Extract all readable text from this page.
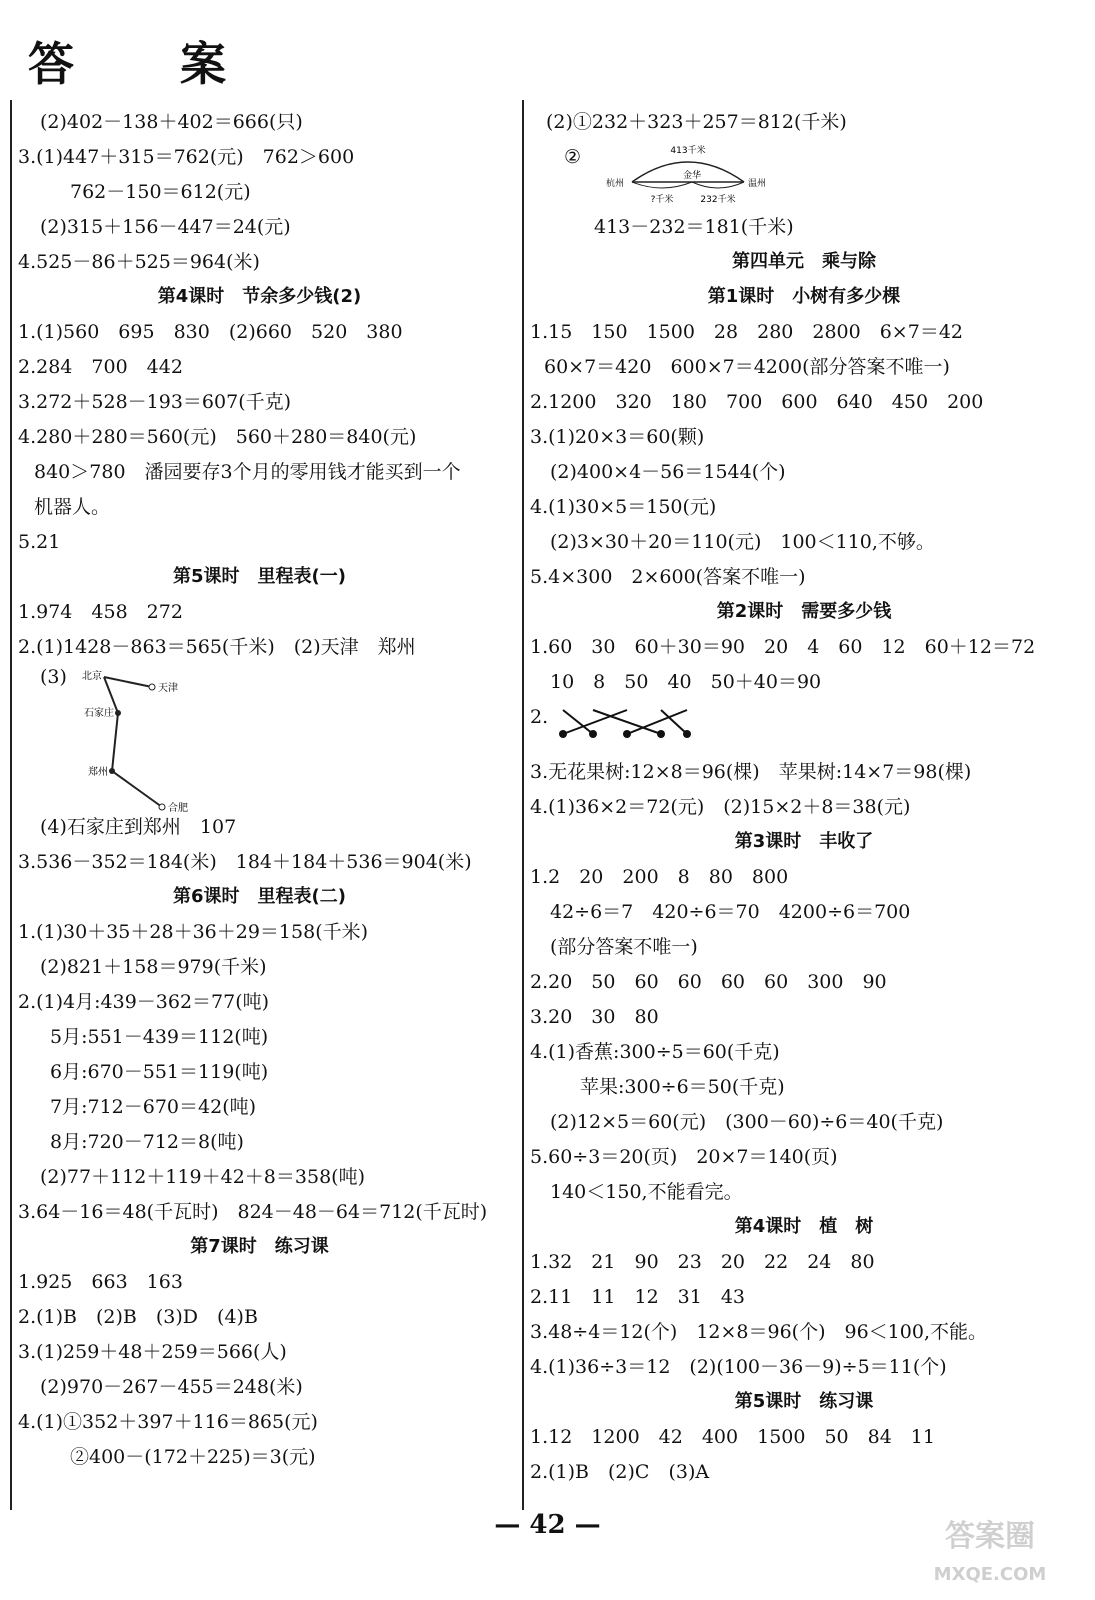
答　案
(2)402－138＋402＝666(只)
3.(1)447＋315＝762(元)　762＞600
762－150＝612(元)
(2)315＋156－447＝24(元)
4.525－86＋525＝964(米)
第4课时　节余多少钱(2)
1.(1)560　695　830　(2)660　520　380
2.284　700　442
3.272＋528－193＝607(千克)
4.280＋280＝560(元)　560＋280＝840(元)
840＞780　潘园要存3个月的零用钱才能买到一个
机器人。
5.21
第5课时　里程表(一)
1.974　458　272
2.(1)1428－863＝565(千米)　(2)天津　郑州
(3)
(4)石家庄到郑州　107
3.536－352＝184(米)　184＋184＋536＝904(米)
第6课时　里程表(二)
1.(1)30＋35＋28＋36＋29＝158(千米)
(2)821＋158＝979(千米)
2.(1)4月:439－362＝77(吨)
5月:551－439＝112(吨)
6月:670－551＝119(吨)
7月:712－670＝42(吨)
8月:720－712＝8(吨)
(2)77＋112＋119＋42＋8＝358(吨)
3.64－16＝48(千瓦时)　824－48－64＝712(千瓦时)
第7课时　练习课
1.925　663　163
2.(1)B　(2)B　(3)D　(4)B
3.(1)259＋48＋259＝566(人)
(2)970－267－455＝248(米)
4.(1)①352＋397＋116＝865(元)
②400－(172＋225)＝3(元)
(2)①232＋323＋257＝812(千米)
②
413－232＝181(千米)
第四单元　乘与除
第1课时　小树有多少棵
1.15　150　1500　28　280　2800　6×7＝42
60×7＝420　600×7＝4200(部分答案不唯一)
2.1200　320　180　700　600　640　450　200
3.(1)20×3＝60(颗)
(2)400×4－56＝1544(个)
4.(1)30×5＝150(元)
(2)3×30＋20＝110(元)　100＜110,不够。
5.4×300　2×600(答案不唯一)
第2课时　需要多少钱
1.60　30　60＋30＝90　20　4　60　12　60＋12＝72
10　8　50　40　50＋40＝90
2.
3.无花果树:12×8＝96(棵)　苹果树:14×7＝98(棵)
4.(1)36×2＝72(元)　(2)15×2＋8＝38(元)
第3课时　丰收了
1.2　20　200　8　80　800
42÷6＝7　420÷6＝70　4200÷6＝700
(部分答案不唯一)
2.20　50　60　60　60　60　300　90
3.20　30　80
4.(1)香蕉:300÷5＝60(千克)
苹果:300÷6＝50(千克)
(2)12×5＝60(元)　(300－60)÷6＝40(千克)
5.60÷3＝20(页)　20×7＝140(页)
140＜150,不能看完。
第4课时　植　树
1.32　21　90　23　20　22　24　80
2.11　11　12　31　43
3.48÷4＝12(个)　12×8＝96(个)　96＜100,不能。
4.(1)36÷3＝12　(2)(100－36－9)÷5＝11(个)
第5课时　练习课
1.12　1200　42　400　1500　50　84　11
2.(1)B　(2)C　(3)A
北京
天津
石家庄
郑州
合肥
413千米
杭州
?千米
金华
232千米
温州
— 42 —	答案圈
MXQE.COM
